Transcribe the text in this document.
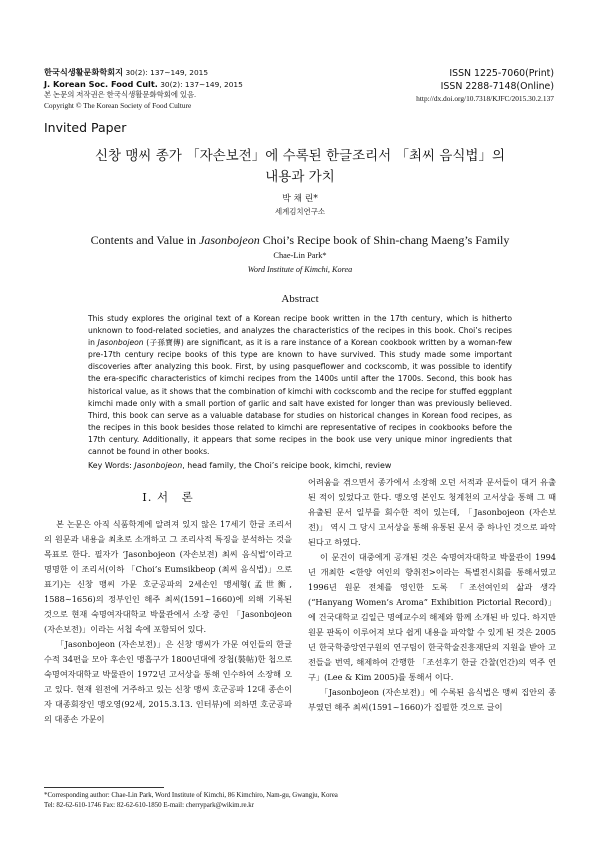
한국식생활문화학회지 30(2): 137~149, 2015
J. Korean Soc. Food Cult. 30(2): 137~149, 2015
본 논문의 저작권은 한국식생활문화학회에 있음.
Copyright © The Korean Society of Food Culture
ISSN 1225-7060(Print)
ISSN 2288-7148(Online)
http://dx.doi.org/10.7318/KJFC/2015.30.2.137
Invited Paper
신창 맹씨 종가 「자손보전」에 수록된 한글조리서 「최씨 음식법」의
내용과 가치
박 채 린*
세계김치연구소
Contents and Value in Jasonbojeon Choi’s Recipe book of Shin-chang Maeng’s Family
Chae-Lin Park*
Word Institute of Kimchi, Korea
Abstract
This study explores the original text of a Korean recipe book written in the 17th century, which is hitherto unknown to food-related societies, and analyzes the characteristics of the recipes in this book. Choi’s recipes in Jasonbojeon (子孫寶傳) are significant, as it is a rare instance of a Korean cookbook written by a woman-few pre-17th century recipe books of this type are known to have survived. This study made some important discoveries after analyzing this book. First, by using pasqueflower and cockscomb, it was possible to identify the era-specific characteristics of kimchi recipes from the 1400s until after the 1700s. Second, this book has historical value, as it shows that the combination of kimchi with cockscomb and the recipe for stuffed eggplant kimchi made only with a small portion of garlic and salt have existed for longer than was previously believed. Third, this book can serve as a valuable database for studies on historical changes in Korean food recipes, as the recipes in this book besides those related to kimchi are representative of recipes in cookbooks before the 17th century. Additionally, it appears that some recipes in the book use very unique minor ingredients that cannot be found in other books.
Key Words: Jasonbojeon, head family, the Choi’s reicipe book, kimchi, review
Ⅰ. 서　론

본 논문은 아직 식품학계에 알려져 있지 않은 17세기 한글 조리서의 원문과 내용을 최초로 소개하고 그 조리사적 특징을 분석하는 것을 목표로 한다. 필자가 ‘Jasonbojeon (자손보전) 최씨 음식법’이라고 명명한 이 조리서(이하 「Choi’s Eumsikbeop (최씨 음식법)」으로 표기)는 신창 맹씨 가문 호군공파의 2세손인 맹세형(孟世衡, 1588~1656)의 정부인인 해주 최씨(1591~1660)에 의해 기록된 것으로 현재 숙명여자대학교 박물관에서 소장 중인 「Jasonbojeon (자손보전)」이라는 서첩 속에 포함되어 있다.

「Jasonbojeon (자손보전)」은 신창 맹씨가 가문 여인들의 한글 수적 34편을 모아 후손인 맹흡구가 1800년대에 장첩(裝帖)한 첩으로 숙명여자대학교 박물관이 1972년 고서상을 통해 인수하여 소장해 오고 있다. 현재 원전에 거주하고 있는 신창 맹씨 호군공파 12대 종손이자 대종회장인 맹오영(92세, 2015.3.13. 인터뷰)에 의하면 호군공파의 대종손 가문이

어려움을 겪으면서 종가에서 소장해 오던 서적과 문서들이 대거 유출된 적이 있었다고 한다. 맹오영 본인도 청계천의 고서상을 통해 그 때 유출된 문서 일부를 회수한 적이 있는데, 「Jasonbojeon (자손보전)」 역시 그 당시 고서상을 통해 유통된 문서 중 하나인 것으로 파악된다고 하였다.

이 문건이 대중에게 공개된 것은 숙명여자대학교 박물관이 1994년 개최한 <한양 여인의 향취전>이라는 특별전시회를 통해서였고 1996년 원문 전체를 영인한 도록 「조선여인의 삶과 생각(“Hanyang Women’s Aroma” Exhibition Pictorial Record)」에 건국대학교 김일근 명예교수의 해제와 함께 소개된 바 있다. 하지만 원문 판독이 이루어져 보다 쉽게 내용을 파악할 수 있게 된 것은 2005년 한국학중앙연구원의 연구팀이 한국학술진흥재단의 지원을 받아 고전들을 번역, 해제하여 간행한 「조선후기 한글 간찰(언간)의 역주 연구」(Lee & Kim 2005)를 통해서 이다.

「Jasonbojeon (자손보전)」에 수록된 음식법은 맹씨 집안의 종부였던 해주 최씨(1591~1660)가 집필한 것으로 글이

*Corresponding author: Chae-Lin Park, Word Institute of Kimchi, 86 Kimchiro, Nam-gu, Gwangju, Korea
Tel: 82-62-610-1746 Fax: 82-62-610-1850 E-mail: cherrypark@wikim.re.kr
